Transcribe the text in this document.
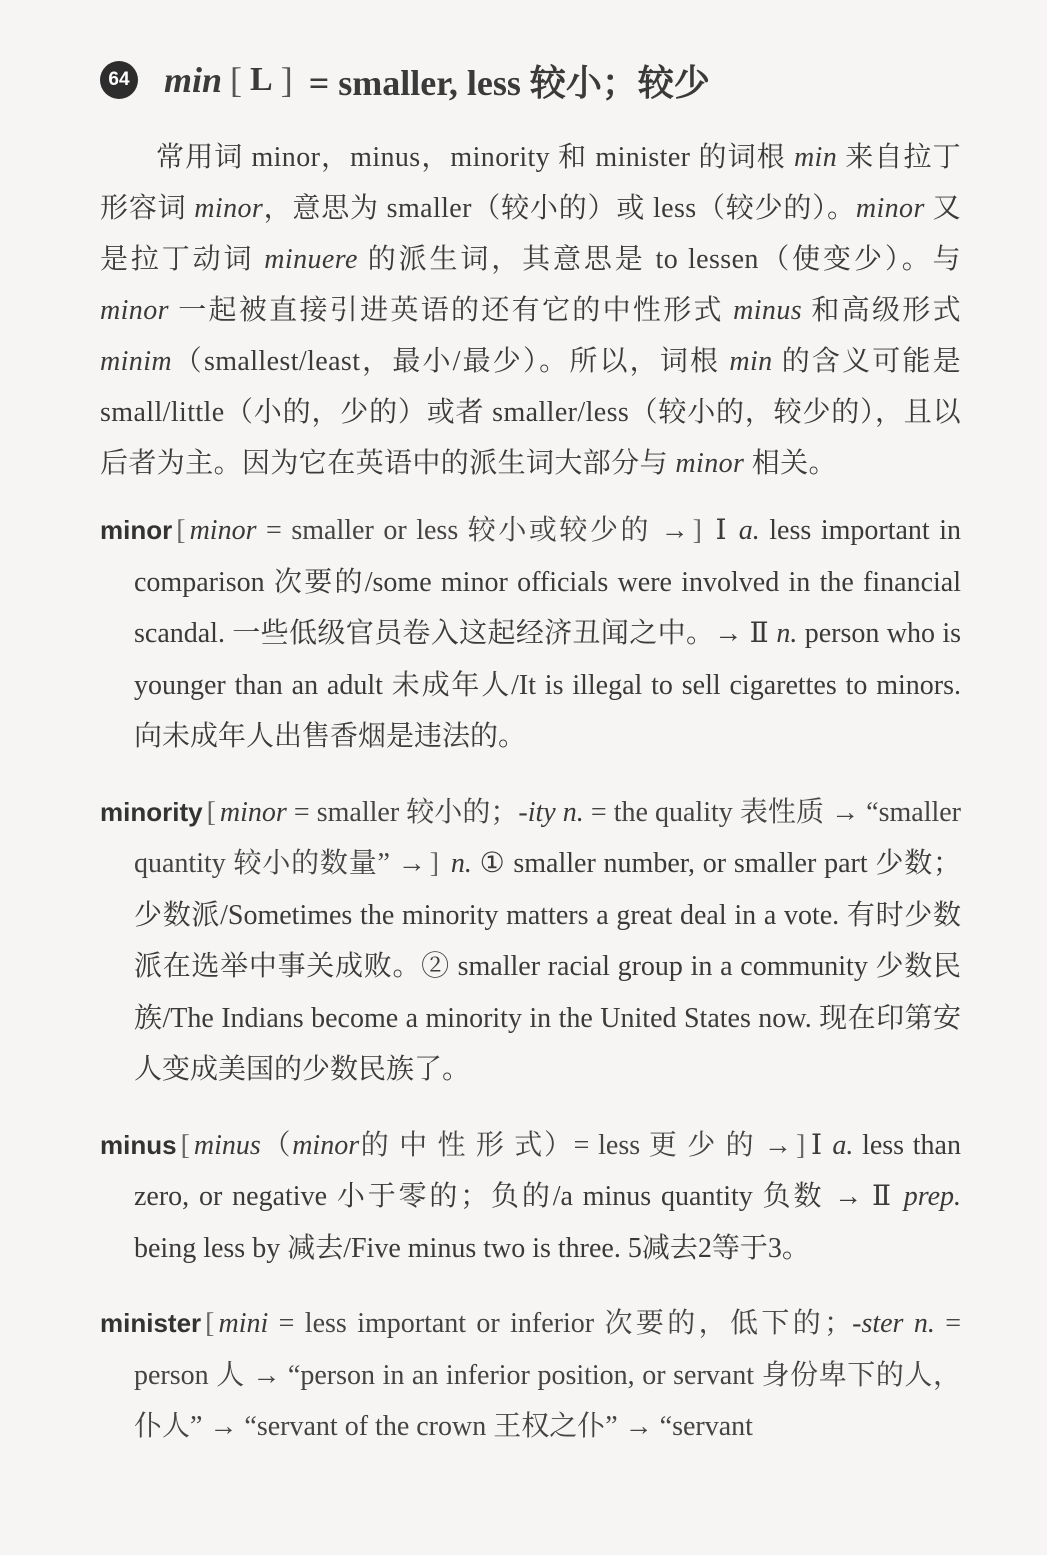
64 min [ L ] = smaller, less 较小；较少

常用词 minor，minus，minority 和 minister 的词根 min 来自拉丁形容词 minor，意思为 smaller（较小的）或 less（较少的）。minor 又是拉丁动词 minuere 的派生词，其意思是 to lessen（使变少）。与 minor 一起被直接引进英语的还有它的中性形式 minus 和高级形式 minim（smallest/least，最小/最少）。所以，词根 min 的含义可能是 small/little（小的，少的）或者 smaller/less（较小的，较少的），且以后者为主。因为它在英语中的派生词大部分与 minor 相关。

minor [ minor = smaller or less 较小或较少的 → ] Ⅰ a. less important in comparison 次要的/some minor officials were involved in the financial scandal. 一些低级官员卷入这起经济丑闻之中。→ Ⅱ n. person who is younger than an adult 未成年人/It is illegal to sell cigarettes to minors. 向未成年人出售香烟是违法的。

minority [ minor = smaller 较小的；-ity n. = the quality 表性质 → “smaller quantity 较小的数量” → ] n. ① smaller number, or smaller part 少数；少数派/Sometimes the minority matters a great deal in a vote. 有时少数派在选举中事关成败。② smaller racial group in a community 少数民族/The Indians become a minority in the United States now. 现在印第安人变成美国的少数民族了。

minus [ minus（minor的 中 性 形 式）= less 更 少 的 → ] Ⅰ a. less than zero, or negative 小于零的；负的/a minus quantity 负数 → Ⅱ prep. being less by 减去/Five minus two is three. 5减去2等于3。

minister [ mini = less important or inferior 次要的，低下的；-ster n. = person 人 → “person in an inferior position, or servant 身份卑下的人，仆人” → “servant of the crown 王权之仆” → “servant
